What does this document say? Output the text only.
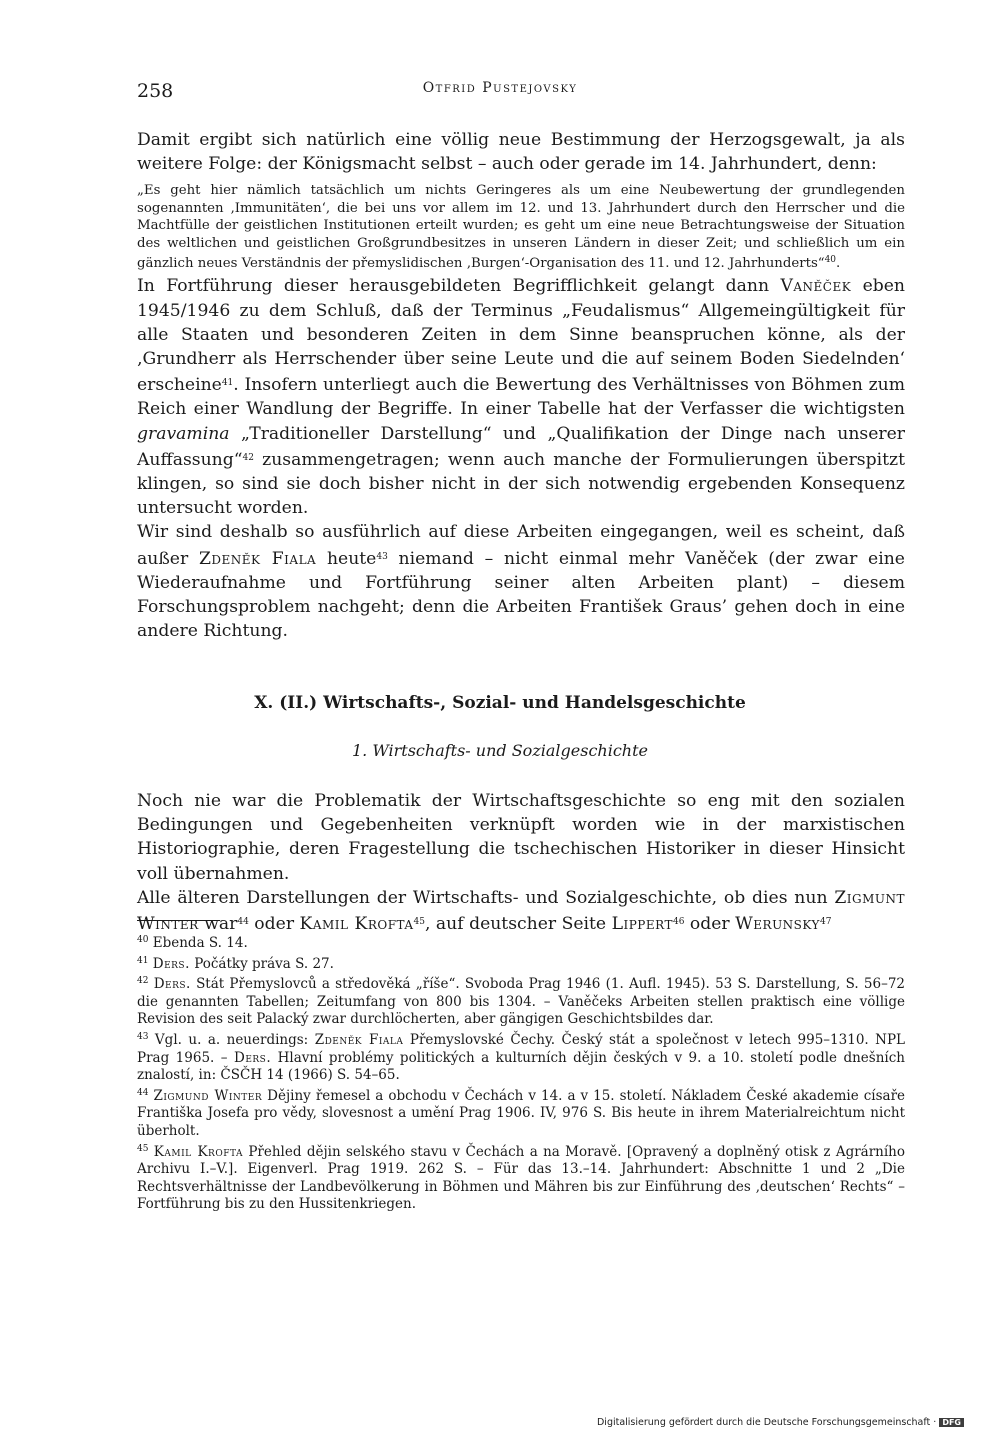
258	Otfrid Pustejovsky

Damit ergibt sich natürlich eine völlig neue Bestimmung der Herzogsgewalt, ja als weitere Folge: der Königsmacht selbst – auch oder gerade im 14. Jahrhundert, denn:

„Es geht hier nämlich tatsächlich um nichts Geringeres als um eine Neubewertung der grundlegenden sogenannten ‚Immunitäten‘, die bei uns vor allem im 12. und 13. Jahrhundert durch den Herrscher und die Machtfülle der geistlichen Institutionen erteilt wurden; es geht um eine neue Betrachtungsweise der Situation des weltlichen und geistlichen Großgrundbesitzes in unseren Ländern in dieser Zeit; und schließlich um ein gänzlich neues Verständnis der přemyslidischen ‚Burgen‘-Organisation des 11. und 12. Jahrhunderts“$^{40}$.

In Fortführung dieser herausgebildeten Begrifflichkeit gelangt dann Vaněček eben 1945/1946 zu dem Schluß, daß der Terminus „Feudalismus“ Allgemeingültigkeit für alle Staaten und besonderen Zeiten in dem Sinne beanspruchen könne, als der ‚Grundherr als Herrschender über seine Leute und die auf seinem Boden Siedelnden‘ erscheine$^{41}$. Insofern unterliegt auch die Bewertung des Verhältnisses von Böhmen zum Reich einer Wandlung der Begriffe. In einer Tabelle hat der Verfasser die wichtigsten gravamina „Traditioneller Darstellung“ und „Qualifikation der Dinge nach unserer Auffassung“$^{42}$ zusammengetragen; wenn auch manche der Formulierungen überspitzt klingen, so sind sie doch bisher nicht in der sich notwendig ergebenden Konsequenz untersucht worden.

Wir sind deshalb so ausführlich auf diese Arbeiten eingegangen, weil es scheint, daß außer Zdeněk Fiala heute$^{43}$ niemand – nicht einmal mehr Vaněček (der zwar eine Wiederaufnahme und Fortführung seiner alten Arbeiten plant) – diesem Forschungsproblem nachgeht; denn die Arbeiten František Graus’ gehen doch in eine andere Richtung.

X. (II.) Wirtschafts-, Sozial- und Handelsgeschichte
1. Wirtschafts- und Sozialgeschichte

Noch nie war die Problematik der Wirtschaftsgeschichte so eng mit den sozialen Bedingungen und Gegebenheiten verknüpft worden wie in der marxistischen Historiographie, deren Fragestellung die tschechischen Historiker in dieser Hinsicht voll übernahmen.

Alle älteren Darstellungen der Wirtschafts- und Sozialgeschichte, ob dies nun Zigmunt Winter war$^{44}$ oder Kamil Krofta$^{45}$, auf deutscher Seite Lippert$^{46}$ oder Werunsky$^{47}$

$^{40}$ Ebenda S. 14.

$^{41}$ Ders. Počátky práva S. 27.

$^{42}$ Ders. Stát Přemyslovců a středověká „říše“. Svoboda Prag 1946 (1. Aufl. 1945). 53 S. Darstellung, S. 56–72 die genannten Tabellen; Zeitumfang von 800 bis 1304. – Vaněčeks Arbeiten stellen praktisch eine völlige Revision des seit Palacký zwar durchlöcherten, aber gängigen Geschichtsbildes dar.

$^{43}$ Vgl. u. a. neuerdings: Zdeněk Fiala Přemyslovské Čechy. Český stát a společnost v letech 995–1310. NPL Prag 1965. – Ders. Hlavní problémy politických a kulturních dějin českých v 9. a 10. století podle dnešních znalostí, in: ČSČH 14 (1966) S. 54–65.

$^{44}$ Zigmund Winter Dějiny řemesel a obchodu v Čechách v 14. a v 15. století. Nákladem České akademie císaře Františka Josefa pro vědy, slovesnost a umění Prag 1906. IV, 976 S. Bis heute in ihrem Materialreichtum nicht überholt.

$^{45}$ Kamil Krofta Přehled dějin selského stavu v Čechách a na Moravě. [Opravený a doplněný otisk z Agrárního Archivu I.–V.]. Eigenverl. Prag 1919. 262 S. – Für das 13.–14. Jahrhundert: Abschnitte 1 und 2 „Die Rechtsverhältnisse der Landbevölkerung in Böhmen und Mähren bis zur Einführung des ‚deutschen‘ Rechts“ – Fortführung bis zu den Hussitenkriegen.

Digitalisierung gefördert durch die Deutsche Forschungsgemeinschaft · DFG
